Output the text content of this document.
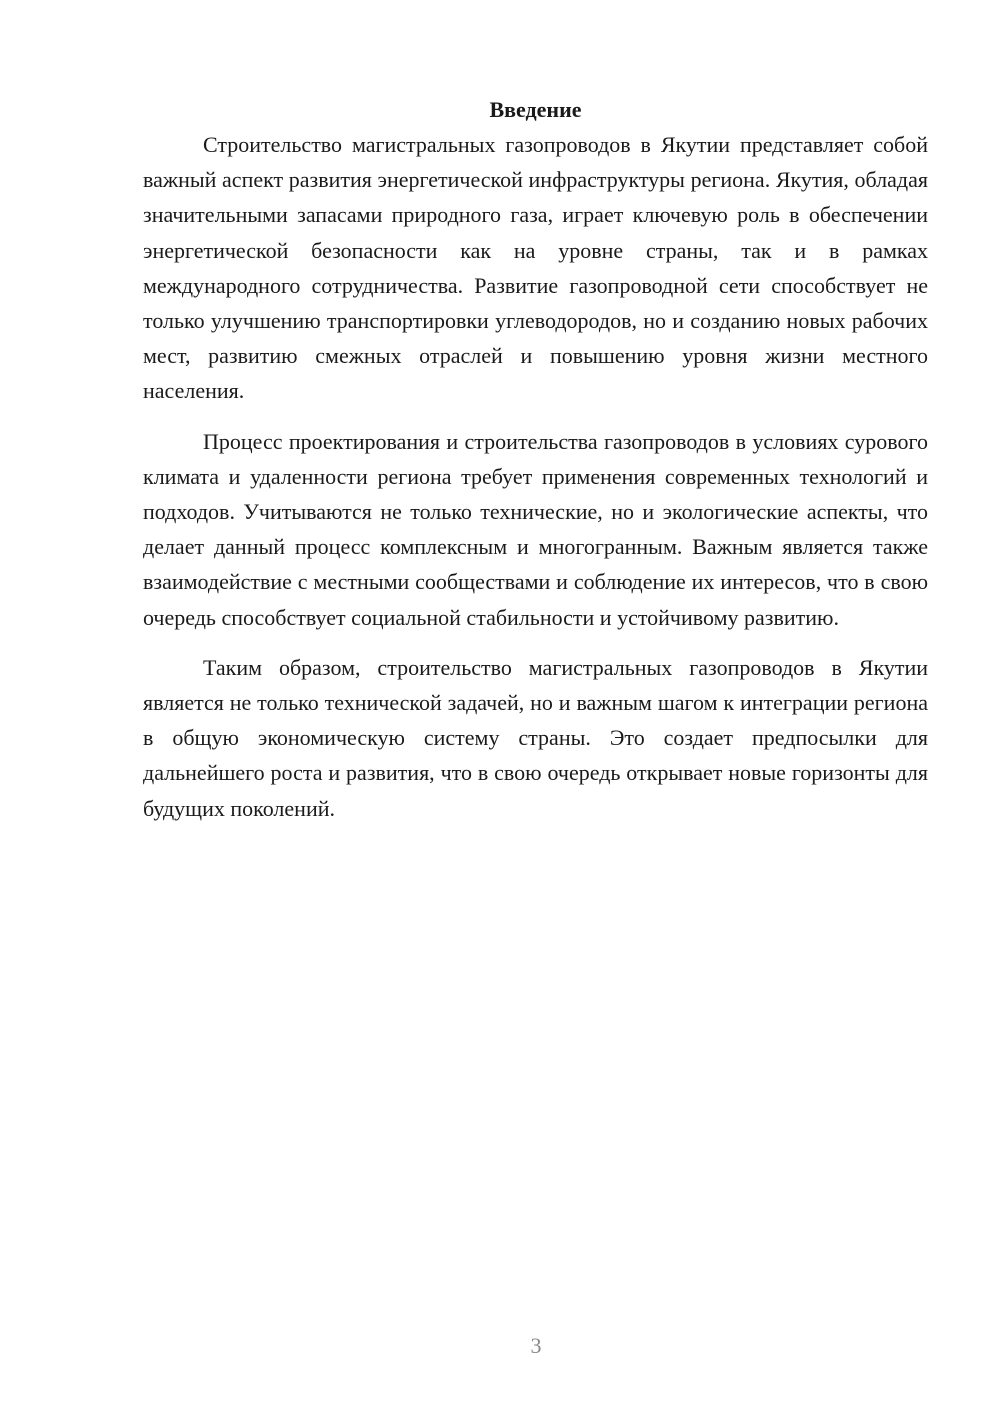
Введение

Строительство магистральных газопроводов в Якутии представляет собой важный аспект развития энергетической инфраструктуры региона. Якутия, обладая значительными запасами природного газа, играет ключевую роль в обеспечении энергетической безопасности как на уровне страны, так и в рамках международного сотрудничества. Развитие газопроводной сети способствует не только улучшению транспортировки углеводородов, но и созданию новых рабочих мест, развитию смежных отраслей и повышению уровня жизни местного населения.

Процесс проектирования и строительства газопроводов в условиях сурового климата и удаленности региона требует применения современных технологий и подходов. Учитываются не только технические, но и экологические аспекты, что делает данный процесс комплексным и многогранным. Важным является также взаимодействие с местными сообществами и соблюдение их интересов, что в свою очередь способствует социальной стабильности и устойчивому развитию.

Таким образом, строительство магистральных газопроводов в Якутии является не только технической задачей, но и важным шагом к интеграции региона в общую экономическую систему страны. Это создает предпосылки для дальнейшего роста и развития, что в свою очередь открывает новые горизонты для будущих поколений.

3
